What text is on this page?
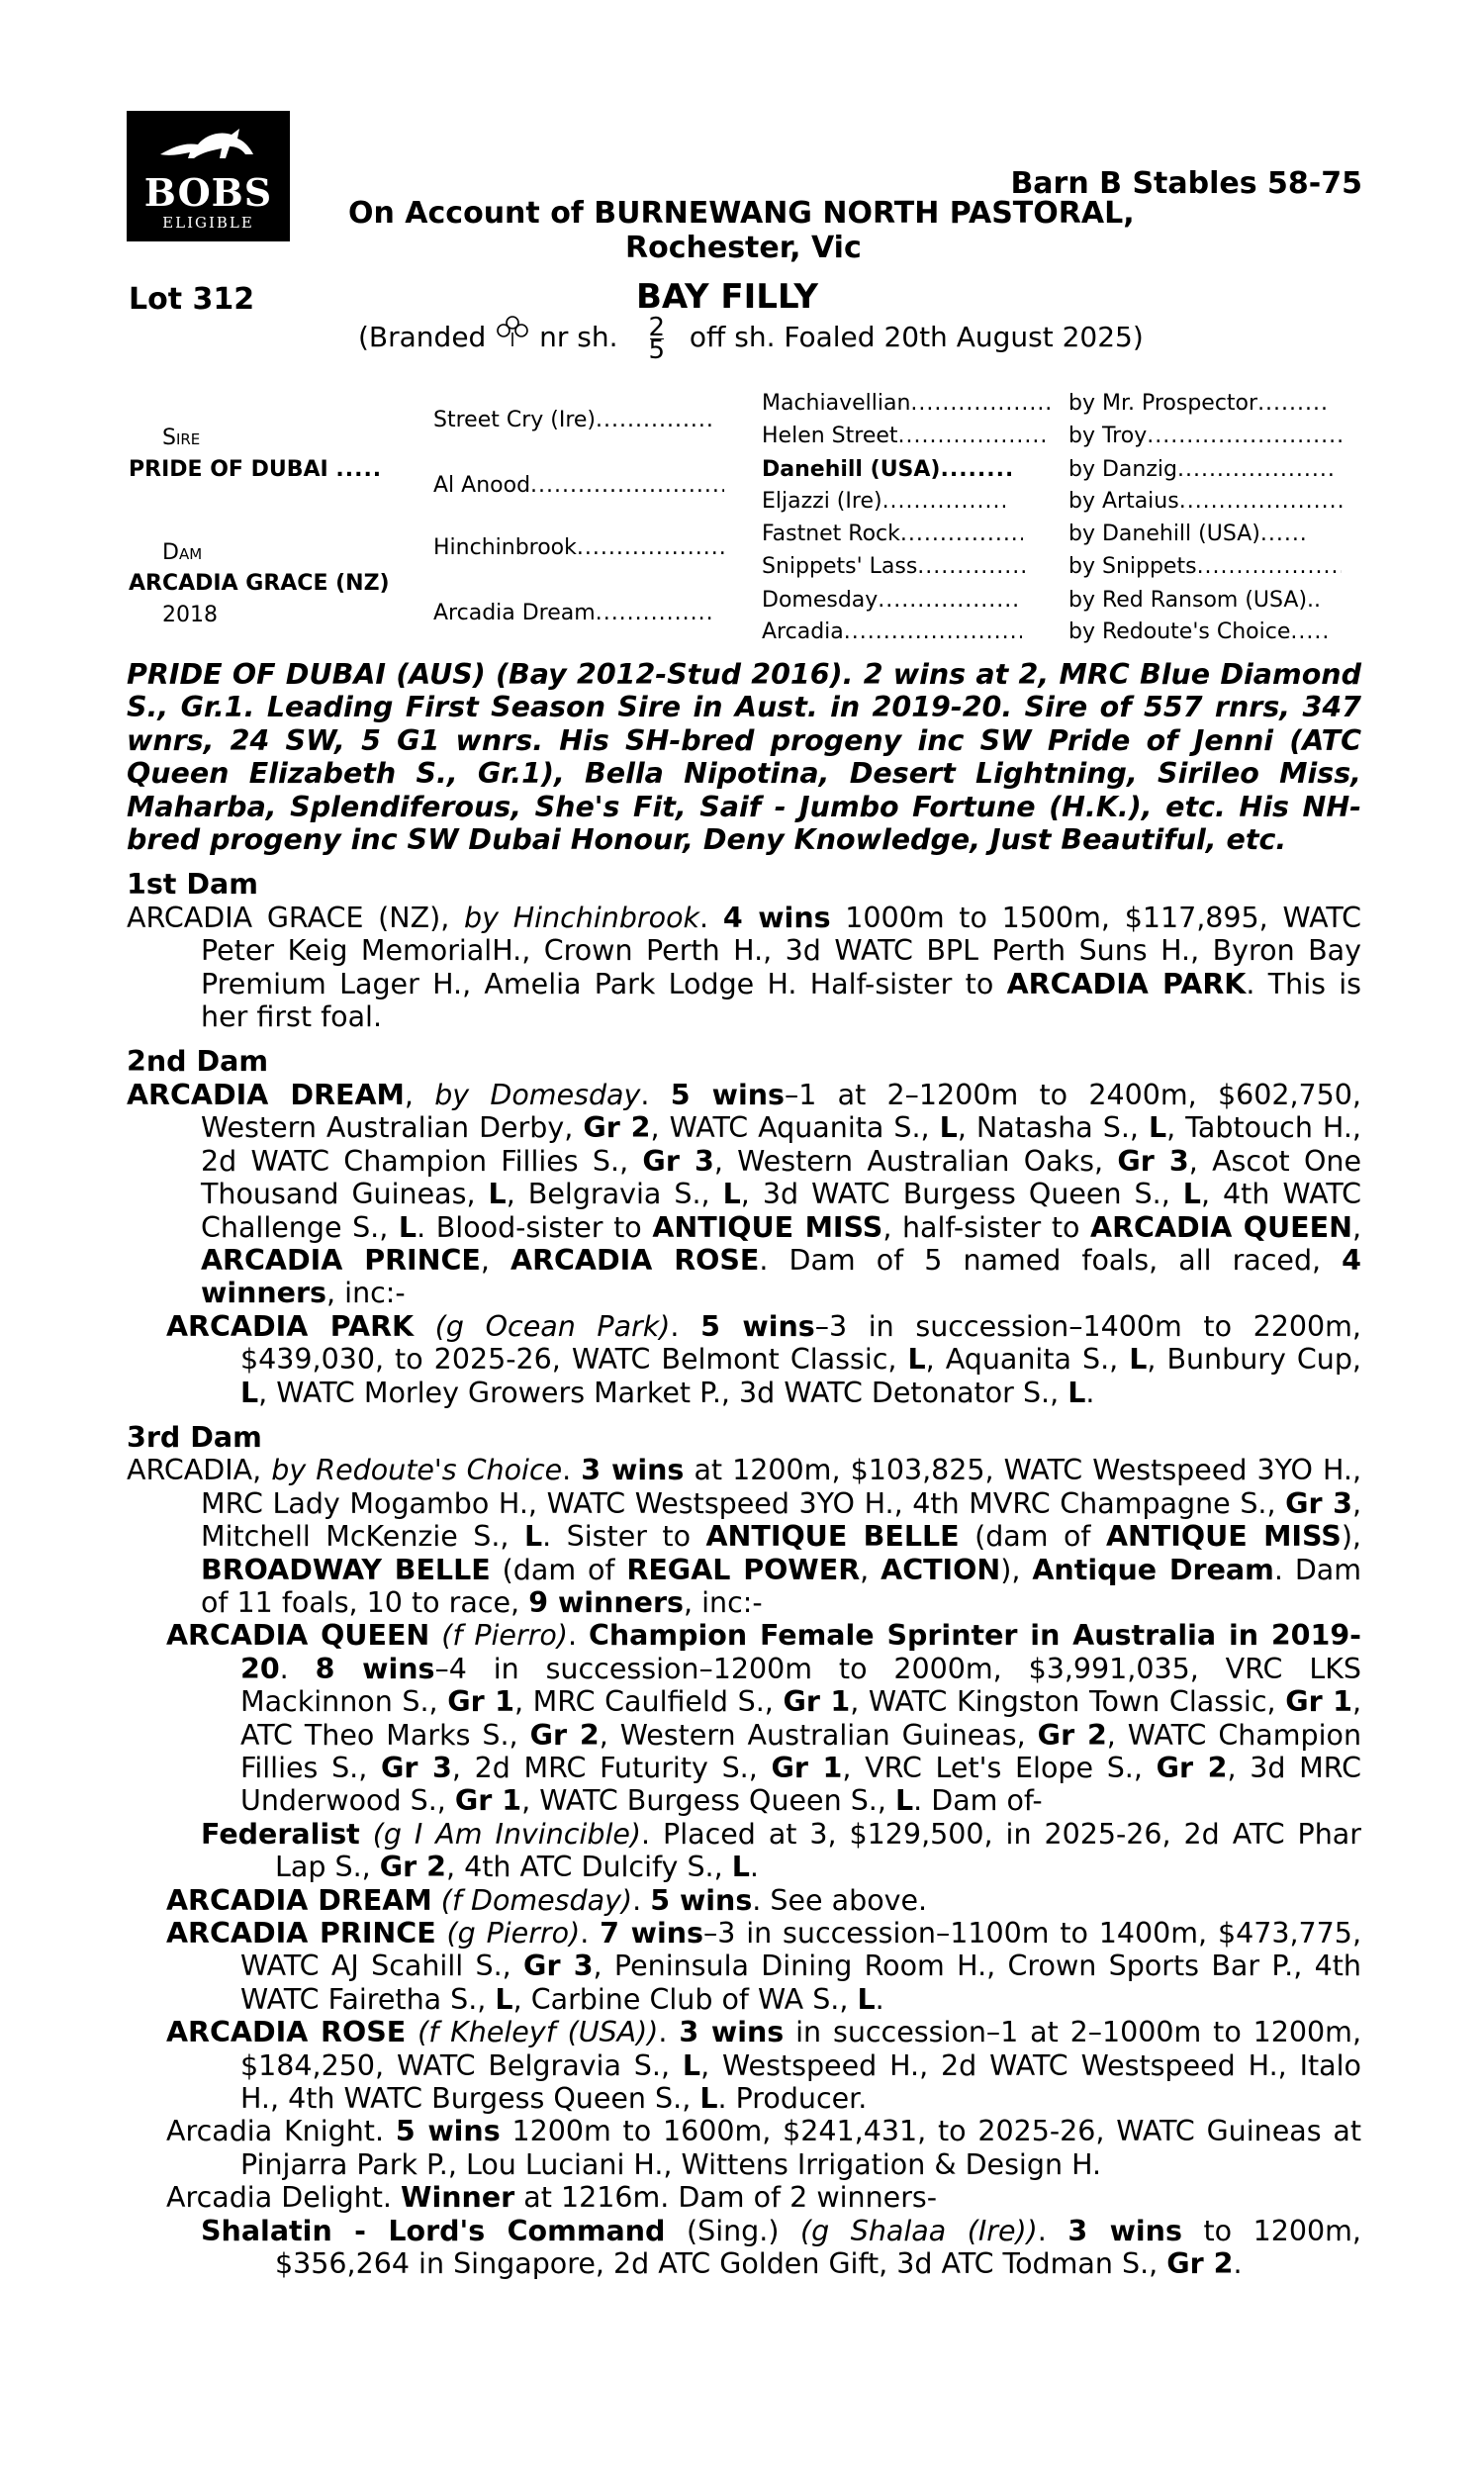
BOBS
ELIGIBLE
Barn B Stables 58-75
On Account of BURNEWANG NORTH PASTORAL,
Rochester, Vic
Lot 312	BAY FILLY
(Branded nr sh. $\frac{2}{5}$ off sh. Foaled 20th August 2025)
Sire
PRIDE OF DUBAI .....
Dam
ARCADIA GRACE (NZ)
2018
Street Cry (Ire).....
Al Anood.....
Hinchinbrook.....
Arcadia Dream.....
Machiavellian.....
Helen Street.....
Danehill (USA).....
Eljazzi (Ire).....
Fastnet Rock.....
Snippets' Lass.....
Domesday.....
Arcadia.....
by Mr. Prospector.....
by Troy.....
by Danzig.....
by Artaius.....
by Danehill (USA).....
by Snippets.....
by Red Ransom (USA)..
by Redoute's Choice.....

PRIDE OF DUBAI (AUS) (Bay 2012-Stud 2016). 2 wins at 2, MRC Blue Diamond S., Gr.1. Leading First Season Sire in Aust. in 2019-20. Sire of 557 rnrs, 347 wnrs, 24 SW, 5 G1 wnrs. His SH-bred progeny inc SW Pride of Jenni (ATC Queen Elizabeth S., Gr.1), Bella Nipotina, Desert Lightning, Sirileo Miss, Maharba, Splendiferous, She's Fit, Saif - Jumbo Fortune (H.K.), etc. His NH-bred progeny inc SW Dubai Honour, Deny Knowledge, Just Beautiful, etc.

1st Dam

ARCADIA GRACE (NZ), by Hinchinbrook. 4 wins 1000m to 1500m, $117,895, WATC Peter Keig MemorialH., Crown Perth H., 3d WATC BPL Perth Suns H., Byron Bay Premium Lager H., Amelia Park Lodge H. Half-sister to ARCADIA PARK. This is her first foal.

2nd Dam

ARCADIA DREAM, by Domesday. 5 wins–1 at 2–1200m to 2400m, $602,750, Western Australian Derby, Gr 2, WATC Aquanita S., L, Natasha S., L, Tabtouch H., 2d WATC Champion Fillies S., Gr 3, Western Australian Oaks, Gr 3, Ascot One Thousand Guineas, L, Belgravia S., L, 3d WATC Burgess Queen S., L, 4th WATC Challenge S., L. Blood-sister to ANTIQUE MISS, half-sister to ARCADIA QUEEN, ARCADIA PRINCE, ARCADIA ROSE. Dam of 5 named foals, all raced, 4 winners, inc:-

ARCADIA PARK (g Ocean Park). 5 wins–3 in succession–1400m to 2200m, $439,030, to 2025-26, WATC Belmont Classic, L, Aquanita S., L, Bunbury Cup, L, WATC Morley Growers Market P., 3d WATC Detonator S., L.

3rd Dam

ARCADIA, by Redoute's Choice. 3 wins at 1200m, $103,825, WATC Westspeed 3YO H., MRC Lady Mogambo H., WATC Westspeed 3YO H., 4th MVRC Champagne S., Gr 3, Mitchell McKenzie S., L. Sister to ANTIQUE BELLE (dam of ANTIQUE MISS), BROADWAY BELLE (dam of REGAL POWER, ACTION), Antique Dream. Dam of 11 foals, 10 to race, 9 winners, inc:-

ARCADIA QUEEN (f Pierro). Champion Female Sprinter in Australia in 2019-20. 8 wins–4 in succession–1200m to 2000m, $3,991,035, VRC LKS Mackinnon S., Gr 1, MRC Caulfield S., Gr 1, WATC Kingston Town Classic, Gr 1, ATC Theo Marks S., Gr 2, Western Australian Guineas, Gr 2, WATC Champion Fillies S., Gr 3, 2d MRC Futurity S., Gr 1, VRC Let's Elope S., Gr 2, 3d MRC Underwood S., Gr 1, WATC Burgess Queen S., L. Dam of-

Federalist (g I Am Invincible). Placed at 3, $129,500, in 2025-26, 2d ATC Phar Lap S., Gr 2, 4th ATC Dulcify S., L.

ARCADIA DREAM (f Domesday). 5 wins. See above.

ARCADIA PRINCE (g Pierro). 7 wins–3 in succession–1100m to 1400m, $473,775, WATC AJ Scahill S., Gr 3, Peninsula Dining Room H., Crown Sports Bar P., 4th WATC Fairetha S., L, Carbine Club of WA S., L.

ARCADIA ROSE (f Kheleyf (USA)). 3 wins in succession–1 at 2–1000m to 1200m, $184,250, WATC Belgravia S., L, Westspeed H., 2d WATC Westspeed H., Italo H., 4th WATC Burgess Queen S., L. Producer.

Arcadia Knight. 5 wins 1200m to 1600m, $241,431, to 2025-26, WATC Guineas at Pinjarra Park P., Lou Luciani H., Wittens Irrigation & Design H.

Arcadia Delight. Winner at 1216m. Dam of 2 winners-

Shalatin - Lord's Command (Sing.) (g Shalaa (Ire)). 3 wins to 1200m, $356,264 in Singapore, 2d ATC Golden Gift, 3d ATC Todman S., Gr 2.
